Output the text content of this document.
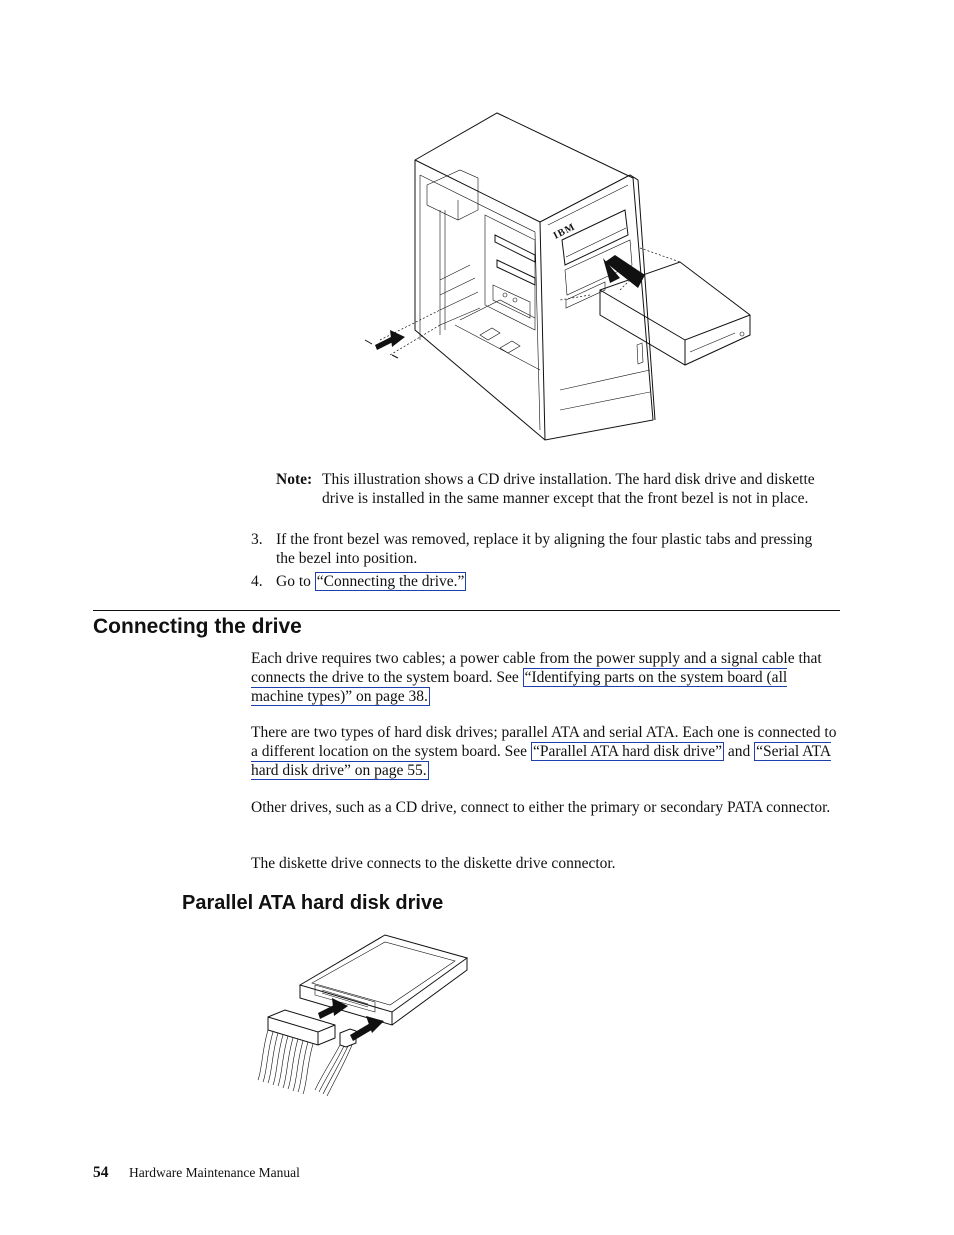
IBM
Note: This illustration shows a CD drive installation. The hard disk drive and diskette drive is installed in the same manner except that the front bezel is not in place.
3. If the front bezel was removed, replace it by aligning the four plastic tabs and pressing the bezel into position.
4. Go to “Connecting the drive.”
Connecting the drive
Each drive requires two cables; a power cable from the power supply and a signal cable that connects the drive to the system board. See “Identifying parts on the system board (all machine types)” on page 38.
There are two types of hard disk drives; parallel ATA and serial ATA. Each one is connected to a different location on the system board. See “Parallel ATA hard disk drive” and “Serial ATA hard disk drive” on page 55.
Other drives, such as a CD drive, connect to either the primary or secondary PATA connector.
The diskette drive connects to the diskette drive connector.
Parallel ATA hard disk drive
54 Hardware Maintenance Manual
